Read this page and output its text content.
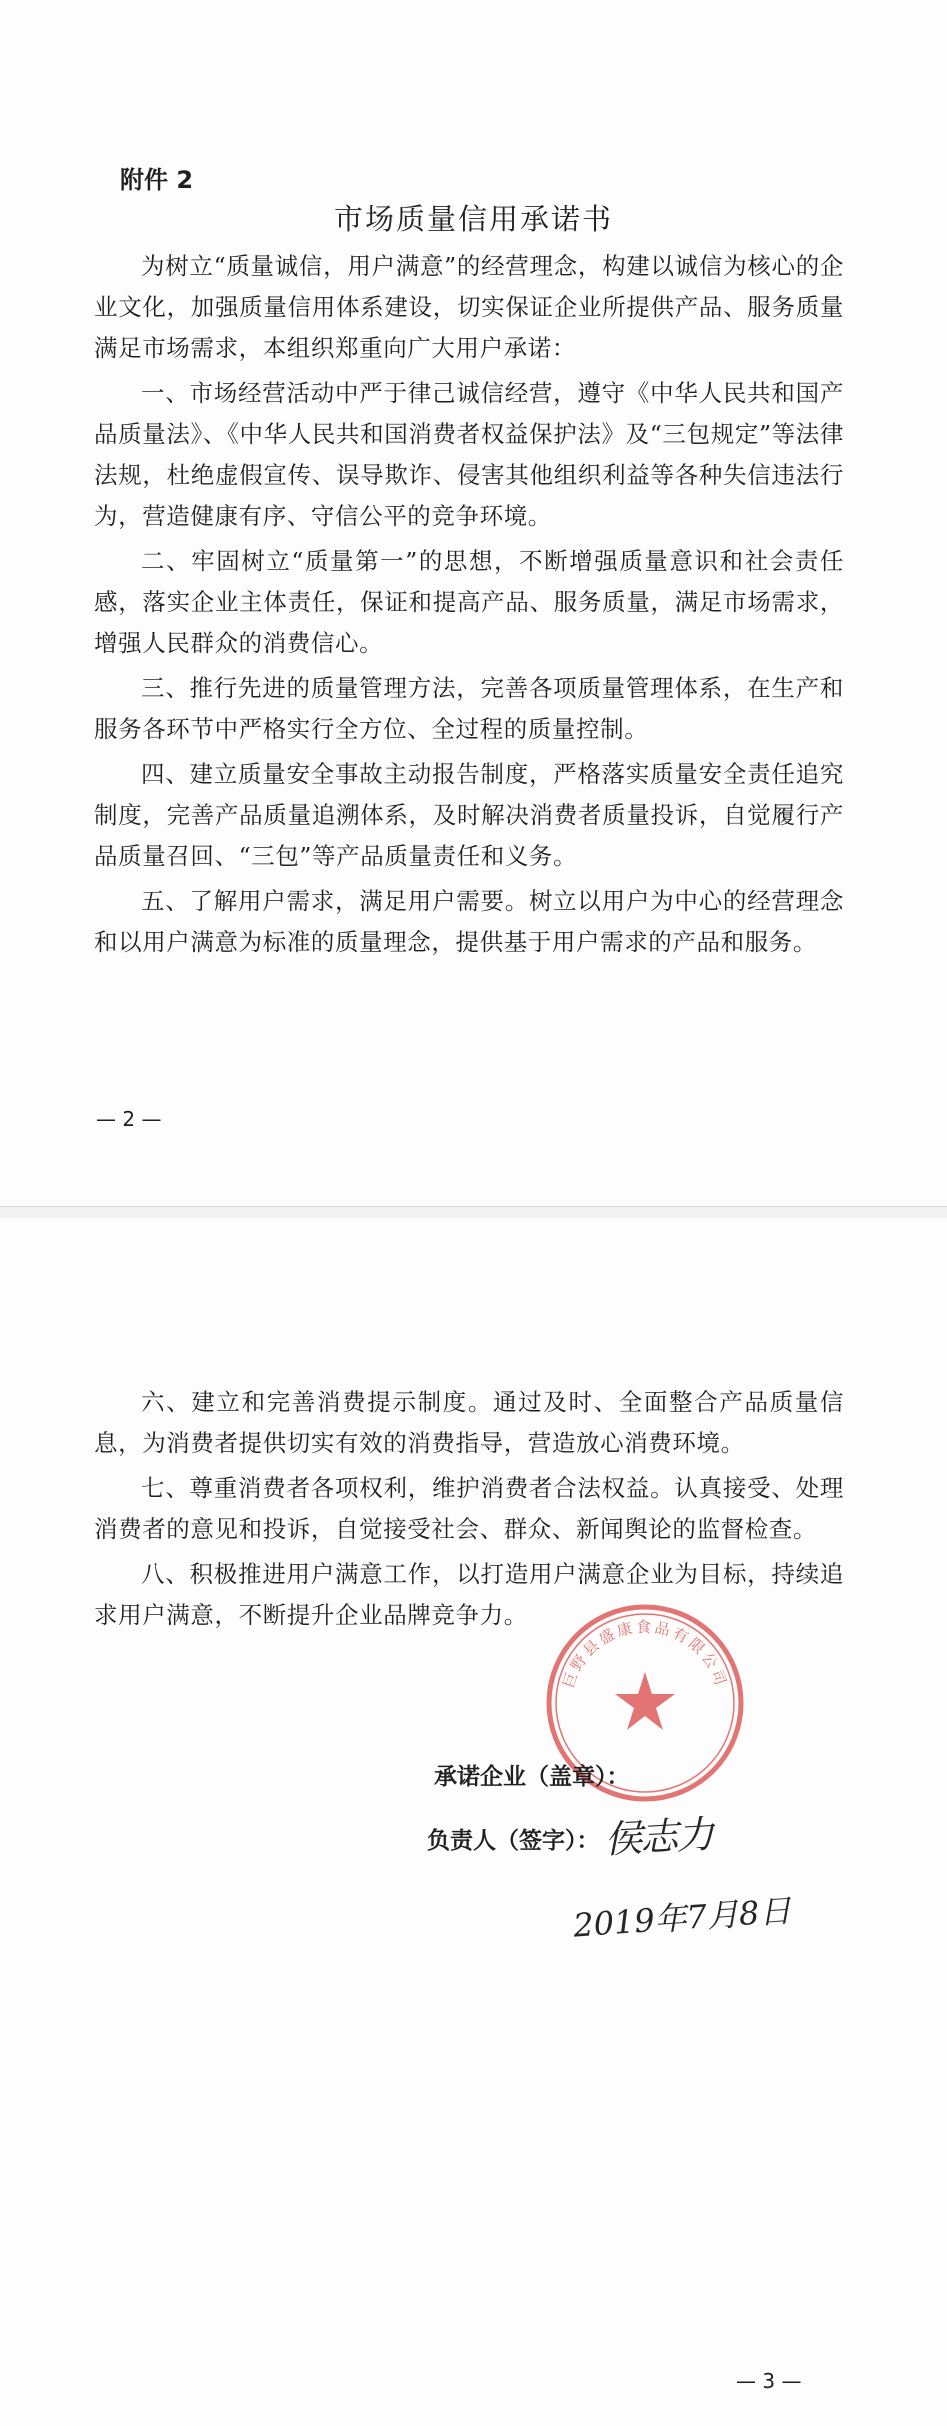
附件 2
市场质量信用承诺书

为树立“质量诚信，用户满意”的经营理念，构建以诚信为核心的企业文化，加强质量信用体系建设，切实保证企业所提供产品、服务质量满足市场需求，本组织郑重向广大用户承诺：

一、市场经营活动中严于律己诚信经营，遵守《中华人民共和国产品质量法》、《中华人民共和国消费者权益保护法》及“三包规定”等法律法规，杜绝虚假宣传、误导欺诈、侵害其他组织利益等各种失信违法行为，营造健康有序、守信公平的竞争环境。

二、牢固树立“质量第一”的思想，不断增强质量意识和社会责任感，落实企业主体责任，保证和提高产品、服务质量，满足市场需求，增强人民群众的消费信心。

三、推行先进的质量管理方法，完善各项质量管理体系，在生产和服务各环节中严格实行全方位、全过程的质量控制。

四、建立质量安全事故主动报告制度，严格落实质量安全责任追究制度，完善产品质量追溯体系，及时解决消费者质量投诉，自觉履行产品质量召回、“三包”等产品质量责任和义务。

五、了解用户需求，满足用户需要。树立以用户为中心的经营理念和以用户满意为标准的质量理念，提供基于用户需求的产品和服务。

— 2 —
— 3 —

六、建立和完善消费提示制度。通过及时、全面整合产品质量信息，为消费者提供切实有效的消费指导，营造放心消费环境。

七、尊重消费者各项权利，维护消费者合法权益。认真接受、处理消费者的意见和投诉，自觉接受社会、群众、新闻舆论的监督检查。

八、积极推进用户满意工作，以打造用户满意企业为目标，持续追求用户满意，不断提升企业品牌竞争力。

巨野县盛康食品有限公司
承诺企业（盖章）：
负责人（签字）： 侯志力
2019年7月8日
